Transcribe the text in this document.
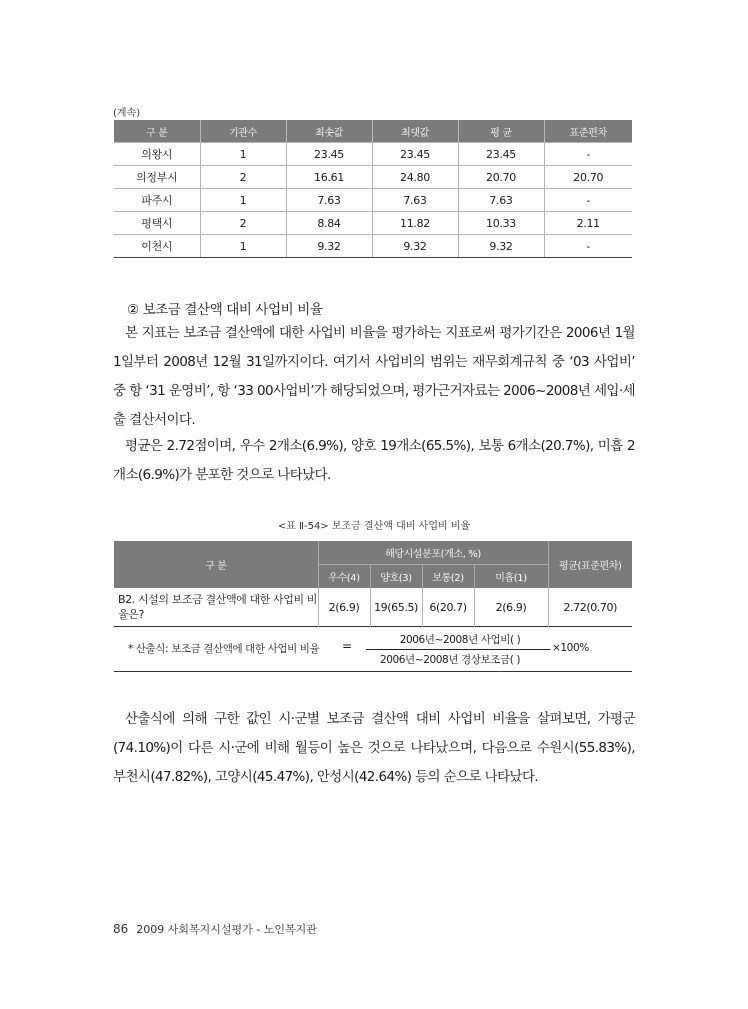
(계속)
구 분	기관수	최솟값	최댓값	평 균	표준편차
의왕시	1	23.45	23.45	23.45	-
의정부시	2	16.61	24.80	20.70	20.70
파주시	1	7.63	7.63	7.63	-
평택시	2	8.84	11.82	10.33	2.11
이천시	1	9.32	9.32	9.32	-
② 보조금 결산액 대비 사업비 비율
본 지표는 보조금 결산액에 대한 사업비 비율을 평가하는 지표로써 평가기간은 2006년 1월 1일부터 2008년 12월 31일까지이다. 여기서 사업비의 범위는 재무회계규칙 중 ‘03 사업비’ 중 항 ‘31 운영비’, 항 ‘33 00사업비’가 해당되었으며, 평가근거자료는 2006~2008년 세입·세출 결산서이다.
평균은 2.72점이며, 우수 2개소(6.9%), 양호 19개소(65.5%), 보통 6개소(20.7%), 미흡 2개소(6.9%)가 분포한 것으로 나타났다.
<표 Ⅱ-54> 보조금 결산액 대비 사업비 비율
구 분	해당시설분포(개소, %)				평균(표준편차)
	우수(4)	양호(3)	보통(2)	미흡(1)	
B2. 시설의 보조금 결산액에 대한 사업비 비율은?	2(6.9)	19(65.5)	6(20.7)	2(6.9)	2.72(0.70)

* 산출식: 보조금 결산액에 대한 사업비 비율 = 2006년~2008년 사업비( )
2006년~2008년 경상보조금( )
×100%					
산출식에 의해 구한 값인 시·군별 보조금 결산액 대비 사업비 비율을 살펴보면, 가평군(74.10%)이 다른 시·군에 비해 월등이 높은 것으로 나타났으며, 다음으로 수원시(55.83%), 부천시(47.82%), 고양시(45.47%), 안성시(42.64%) 등의 순으로 나타났다.
86 2009 사회복지시설평가 - 노인복지관
